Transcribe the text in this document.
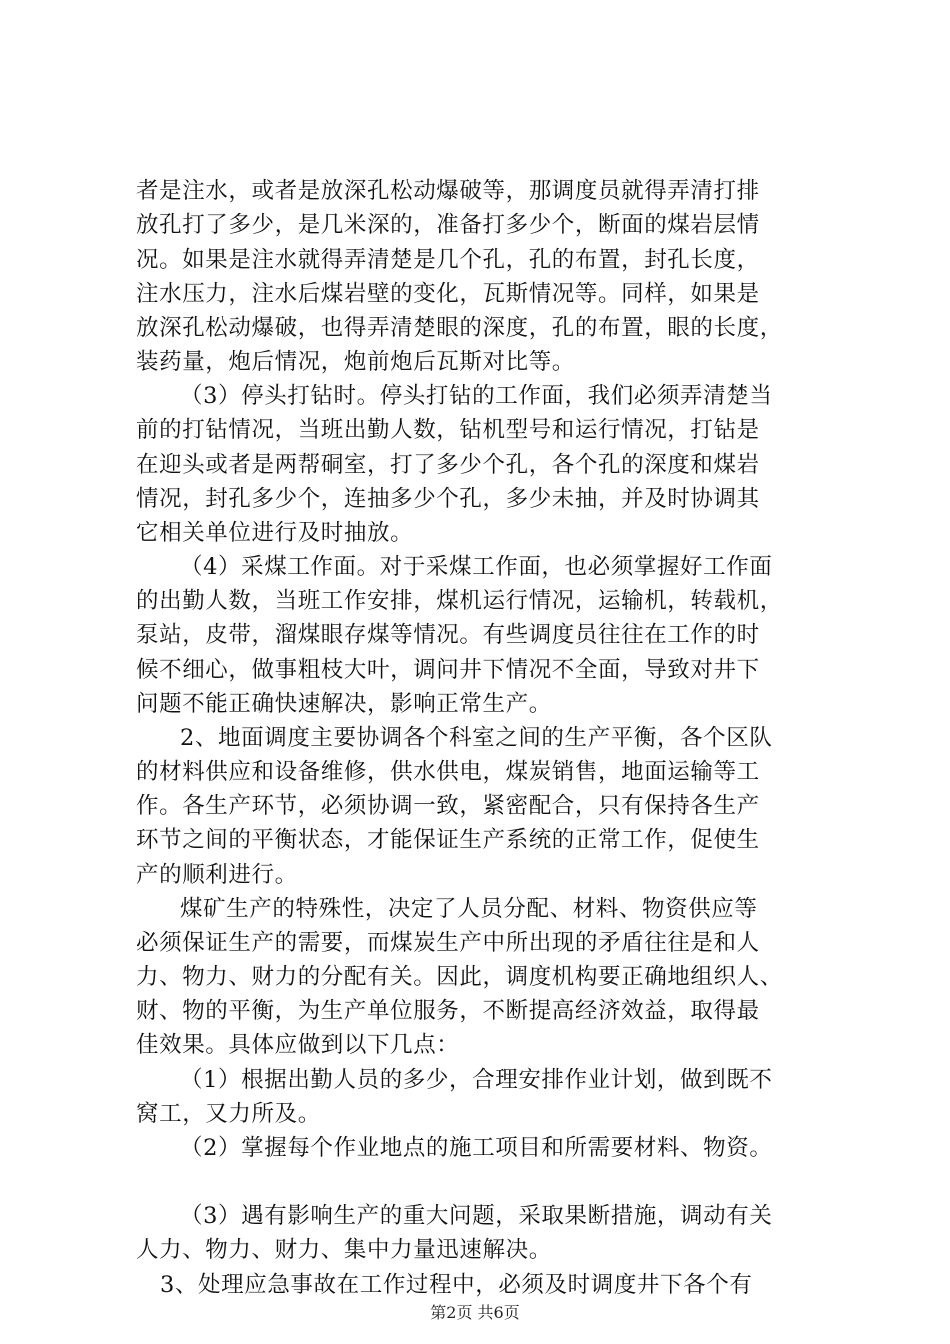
者是注水，或者是放深孔松动爆破等，那调度员就得弄清打排
放孔打了多少，是几米深的，准备打多少个，断面的煤岩层情
况。如果是注水就得弄清楚是几个孔，孔的布置，封孔长度，
注水压力，注水后煤岩壁的变化，瓦斯情况等。同样，如果是
放深孔松动爆破，也得弄清楚眼的深度，孔的布置，眼的长度，
装药量，炮后情况，炮前炮后瓦斯对比等。
（3）停头打钻时。停头打钻的工作面，我们必须弄清楚当
前的打钻情况，当班出勤人数，钻机型号和运行情况，打钻是
在迎头或者是两帮硐室，打了多少个孔，各个孔的深度和煤岩
情况，封孔多少个，连抽多少个孔，多少未抽，并及时协调其
它相关单位进行及时抽放。
（4）采煤工作面。对于采煤工作面，也必须掌握好工作面
的出勤人数，当班工作安排，煤机运行情况，运输机，转载机，
泵站，皮带，溜煤眼存煤等情况。有些调度员往往在工作的时
候不细心，做事粗枝大叶，调问井下情况不全面，导致对井下
问题不能正确快速解决，影响正常生产。
2、地面调度主要协调各个科室之间的生产平衡，各个区队
的材料供应和设备维修，供水供电，煤炭销售，地面运输等工
作。各生产环节，必须协调一致，紧密配合，只有保持各生产
环节之间的平衡状态，才能保证生产系统的正常工作，促使生
产的顺利进行。
煤矿生产的特殊性，决定了人员分配、材料、物资供应等
必须保证生产的需要，而煤炭生产中所出现的矛盾往往是和人
力、物力、财力的分配有关。因此，调度机构要正确地组织人、
财、物的平衡，为生产单位服务，不断提高经济效益，取得最
佳效果。具体应做到以下几点：
（1）根据出勤人员的多少，合理安排作业计划，做到既不
窝工，又力所及。
（2）掌握每个作业地点的施工项目和所需要材料、物资。
（3）遇有影响生产的重大问题，采取果断措施，调动有关
人力、物力、财力、集中力量迅速解决。
3、处理应急事故在工作过程中，必须及时调度井下各个有
第2页 共6页
